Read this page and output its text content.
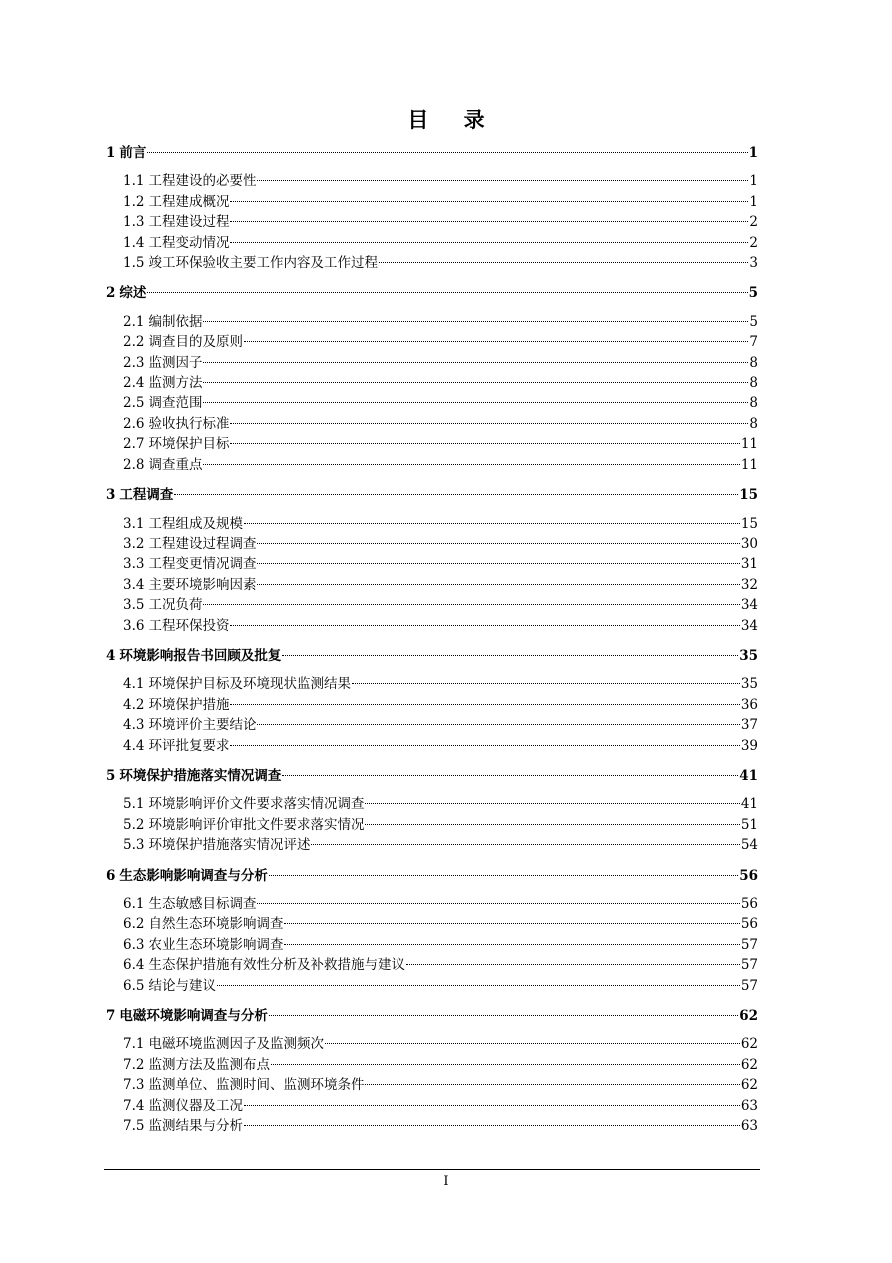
目 录
1 前言	1
1.1 工程建设的必要性	1
1.2 工程建成概况	1
1.3 工程建设过程	2
1.4 工程变动情况	2
1.5 竣工环保验收主要工作内容及工作过程	3
2 综述	5
2.1 编制依据	5
2.2 调查目的及原则	7
2.3 监测因子	8
2.4 监测方法	8
2.5 调查范围	8
2.6 验收执行标准	8
2.7 环境保护目标	11
2.8 调查重点	11
3 工程调查	15
3.1 工程组成及规模	15
3.2 工程建设过程调查	30
3.3 工程变更情况调查	31
3.4 主要环境影响因素	32
3.5 工况负荷	34
3.6 工程环保投资	34
4 环境影响报告书回顾及批复	35
4.1 环境保护目标及环境现状监测结果	35
4.2 环境保护措施	36
4.3 环境评价主要结论	37
4.4 环评批复要求	39
5 环境保护措施落实情况调查	41
5.1 环境影响评价文件要求落实情况调查	41
5.2 环境影响评价审批文件要求落实情况	51
5.3 环境保护措施落实情况评述	54
6 生态影响影响调查与分析	56
6.1 生态敏感目标调查	56
6.2 自然生态环境影响调查	56
6.3 农业生态环境影响调查	57
6.4 生态保护措施有效性分析及补救措施与建议	57
6.5 结论与建议	57
7 电磁环境影响调查与分析	62
7.1 电磁环境监测因子及监测频次	62
7.2 监测方法及监测布点	62
7.3 监测单位、监测时间、监测环境条件	62
7.4 监测仪器及工况	63
7.5 监测结果与分析	63
I
